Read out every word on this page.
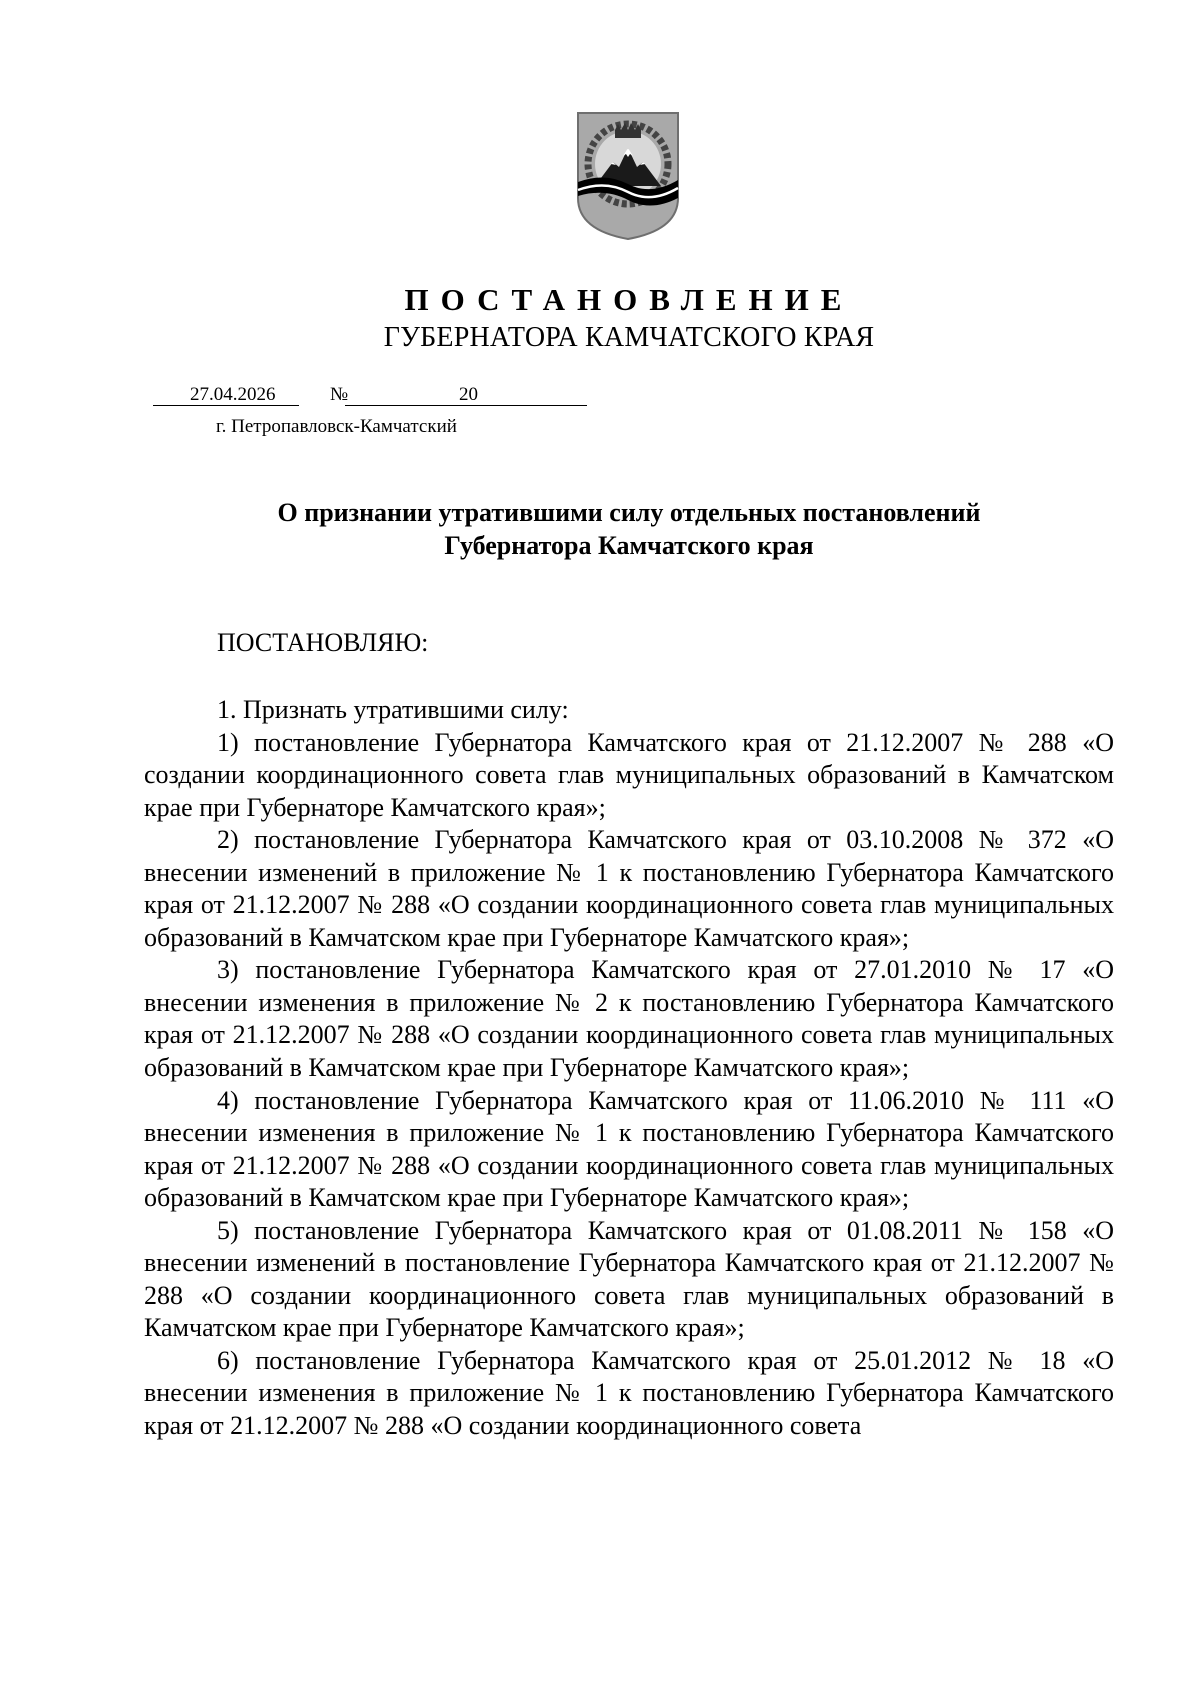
ПОСТАНОВЛЕНИЕ
ГУБЕРНАТОРА КАМЧАТСКОГО КРАЯ
27.04.2026	№	20
г. Петропавловск-Камчатский
О признании утратившими силу отдельных постановлений
Губернатора Камчатского края
ПОСТАНОВЛЯЮ:

1. Признать утратившими силу:

1) постановление Губернатора Камчатского края от 21.12.2007 № 288 «О создании координационного совета глав муниципальных образований в Камчатском крае при Губернаторе Камчатского края»;

2) постановление Губернатора Камчатского края от 03.10.2008 № 372 «О внесении изменений в приложение № 1 к постановлению Губернатора Камчатского края от 21.12.2007 № 288 «О создании координационного совета глав муниципальных образований в Камчатском крае при Губернаторе Камчатского края»;

3) постановление Губернатора Камчатского края от 27.01.2010 № 17 «О внесении изменения в приложение № 2 к постановлению Губернатора Камчатского края от 21.12.2007 № 288 «О создании координационного совета глав муниципальных образований в Камчатском крае при Губернаторе Камчатского края»;

4) постановление Губернатора Камчатского края от 11.06.2010 № 111 «О внесении изменения в приложение № 1 к постановлению Губернатора Камчатского края от 21.12.2007 № 288 «О создании координационного совета глав муниципальных образований в Камчатском крае при Губернаторе Камчатского края»;

5) постановление Губернатора Камчатского края от 01.08.2011 № 158 «О внесении изменений в постановление Губернатора Камчатского края от 21.12.2007 № 288 «О создании координационного совета глав муниципальных образований в Камчатском крае при Губернаторе Камчатского края»;

6) постановление Губернатора Камчатского края от 25.01.2012 № 18 «О внесении изменения в приложение № 1 к постановлению Губернатора Камчатского края от 21.12.2007 № 288 «О создании координационного совета
